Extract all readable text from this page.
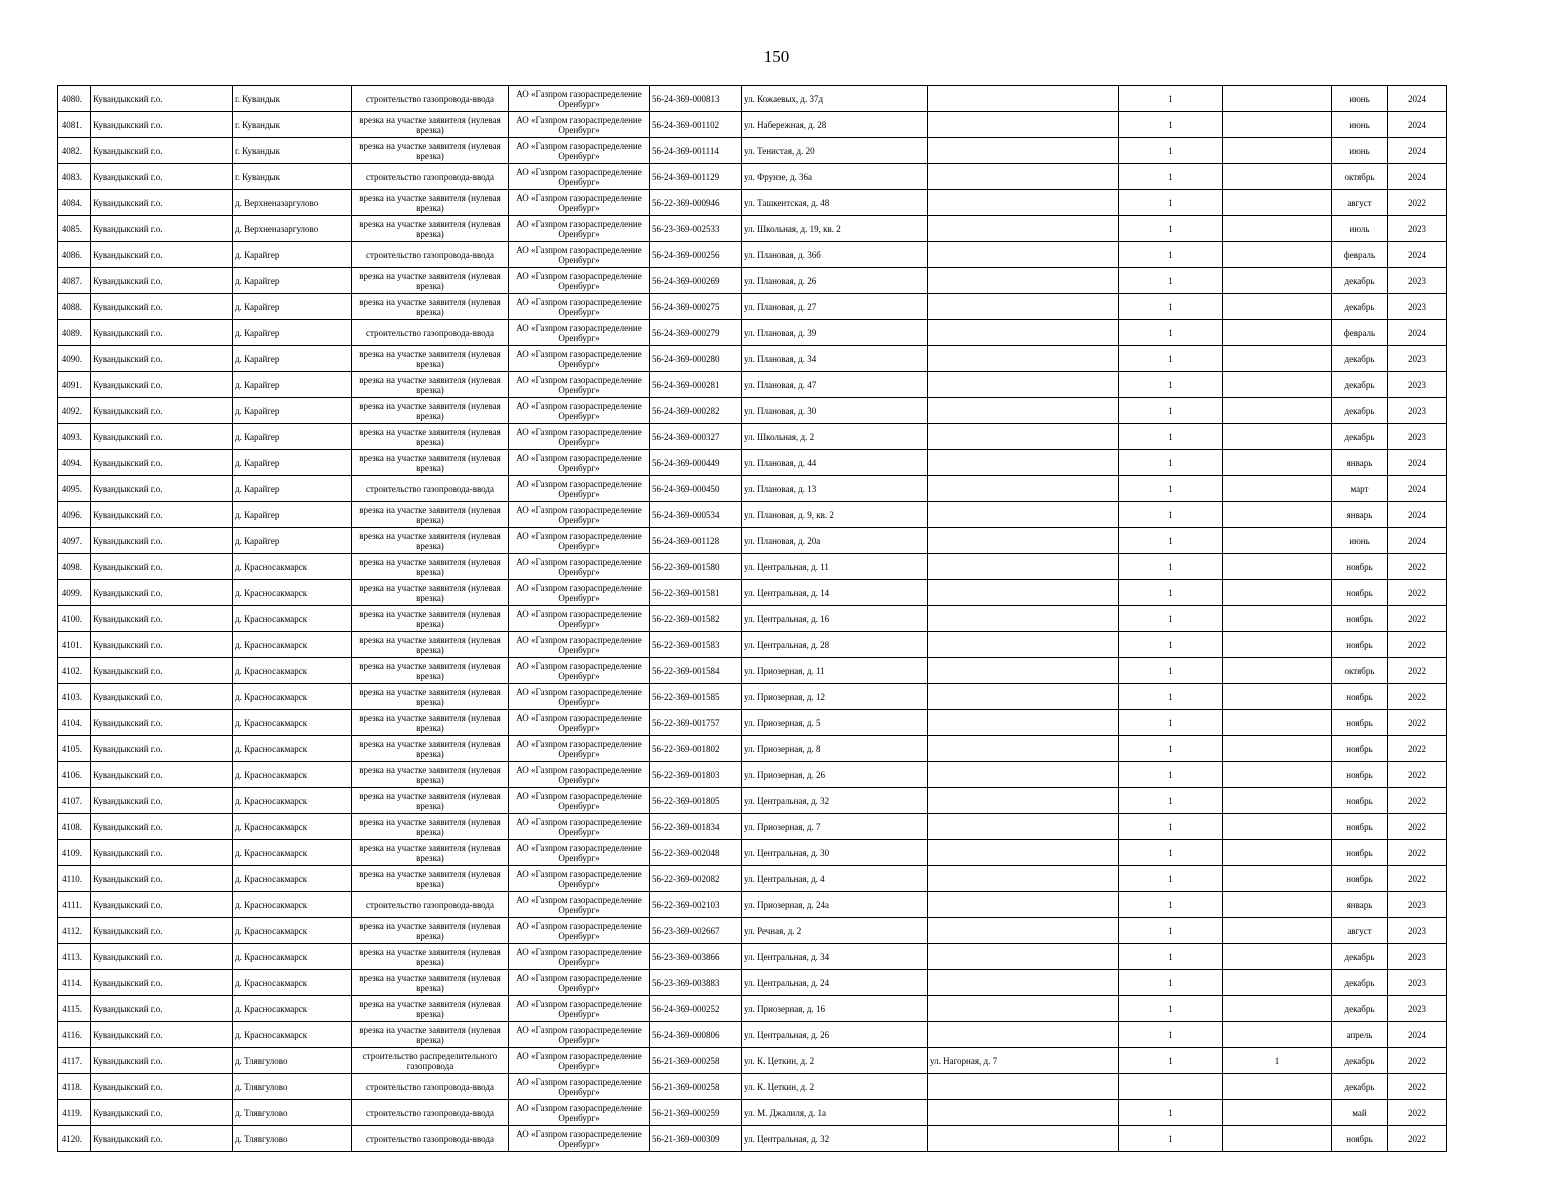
150
4080.	Кувандыкский г.о.	г. Кувандык	строительство газопровода-ввода	АО «Газпром газораспределение Оренбург»	56-24-369-000813	ул. Кожаевых, д. 37д		1		июнь	2024
4081.	Кувандыкский г.о.	г. Кувандык	врезка на участке заявителя (нулевая врезка)	АО «Газпром газораспределение Оренбург»	56-24-369-001102	ул. Набережная, д. 28		1		июнь	2024
4082.	Кувандыкский г.о.	г. Кувандык	врезка на участке заявителя (нулевая врезка)	АО «Газпром газораспределение Оренбург»	56-24-369-001114	ул. Тенистая, д. 20		1		июнь	2024
4083.	Кувандыкский г.о.	г. Кувандык	строительство газопровода-ввода	АО «Газпром газораспределение Оренбург»	56-24-369-001129	ул. Фрунзе, д. 36а		1		октябрь	2024
4084.	Кувандыкский г.о.	д. Верхненазаргулово	врезка на участке заявителя (нулевая врезка)	АО «Газпром газораспределение Оренбург»	56-22-369-000946	ул. Ташкентская, д. 48		1		август	2022
4085.	Кувандыкский г.о.	д. Верхненазаргулово	врезка на участке заявителя (нулевая врезка)	АО «Газпром газораспределение Оренбург»	56-23-369-002533	ул. Школьная, д. 19, кв. 2		1		июль	2023
4086.	Кувандыкский г.о.	д. Карайгер	строительство газопровода-ввода	АО «Газпром газораспределение Оренбург»	56-24-369-000256	ул. Плановая, д. 36б		1		февраль	2024
4087.	Кувандыкский г.о.	д. Карайгер	врезка на участке заявителя (нулевая врезка)	АО «Газпром газораспределение Оренбург»	56-24-369-000269	ул. Плановая, д. 26		1		декабрь	2023
4088.	Кувандыкский г.о.	д. Карайгер	врезка на участке заявителя (нулевая врезка)	АО «Газпром газораспределение Оренбург»	56-24-369-000275	ул. Плановая, д. 27		1		декабрь	2023
4089.	Кувандыкский г.о.	д. Карайгер	строительство газопровода-ввода	АО «Газпром газораспределение Оренбург»	56-24-369-000279	ул. Плановая, д. 39		1		февраль	2024
4090.	Кувандыкский г.о.	д. Карайгер	врезка на участке заявителя (нулевая врезка)	АО «Газпром газораспределение Оренбург»	56-24-369-000280	ул. Плановая, д. 34		1		декабрь	2023
4091.	Кувандыкский г.о.	д. Карайгер	врезка на участке заявителя (нулевая врезка)	АО «Газпром газораспределение Оренбург»	56-24-369-000281	ул. Плановая, д. 47		1		декабрь	2023
4092.	Кувандыкский г.о.	д. Карайгер	врезка на участке заявителя (нулевая врезка)	АО «Газпром газораспределение Оренбург»	56-24-369-000282	ул. Плановая, д. 30		1		декабрь	2023
4093.	Кувандыкский г.о.	д. Карайгер	врезка на участке заявителя (нулевая врезка)	АО «Газпром газораспределение Оренбург»	56-24-369-000327	ул. Школьная, д. 2		1		декабрь	2023
4094.	Кувандыкский г.о.	д. Карайгер	врезка на участке заявителя (нулевая врезка)	АО «Газпром газораспределение Оренбург»	56-24-369-000449	ул. Плановая, д. 44		1		январь	2024
4095.	Кувандыкский г.о.	д. Карайгер	строительство газопровода-ввода	АО «Газпром газораспределение Оренбург»	56-24-369-000450	ул. Плановая, д. 13		1		март	2024
4096.	Кувандыкский г.о.	д. Карайгер	врезка на участке заявителя (нулевая врезка)	АО «Газпром газораспределение Оренбург»	56-24-369-000534	ул. Плановая, д. 9, кв. 2		1		январь	2024
4097.	Кувандыкский г.о.	д. Карайгер	врезка на участке заявителя (нулевая врезка)	АО «Газпром газораспределение Оренбург»	56-24-369-001128	ул. Плановая, д. 20а		1		июнь	2024
4098.	Кувандыкский г.о.	д. Красносакмарск	врезка на участке заявителя (нулевая врезка)	АО «Газпром газораспределение Оренбург»	56-22-369-001580	ул. Центральная, д. 11		1		ноябрь	2022
4099.	Кувандыкский г.о.	д. Красносакмарск	врезка на участке заявителя (нулевая врезка)	АО «Газпром газораспределение Оренбург»	56-22-369-001581	ул. Центральная, д. 14		1		ноябрь	2022
4100.	Кувандыкский г.о.	д. Красносакмарск	врезка на участке заявителя (нулевая врезка)	АО «Газпром газораспределение Оренбург»	56-22-369-001582	ул. Центральная, д. 16		1		ноябрь	2022
4101.	Кувандыкский г.о.	д. Красносакмарск	врезка на участке заявителя (нулевая врезка)	АО «Газпром газораспределение Оренбург»	56-22-369-001583	ул. Центральная, д. 28		1		ноябрь	2022
4102.	Кувандыкский г.о.	д. Красносакмарск	врезка на участке заявителя (нулевая врезка)	АО «Газпром газораспределение Оренбург»	56-22-369-001584	ул. Приозерная, д. 11		1		октябрь	2022
4103.	Кувандыкский г.о.	д. Красносакмарск	врезка на участке заявителя (нулевая врезка)	АО «Газпром газораспределение Оренбург»	56-22-369-001585	ул. Приозерная, д. 12		1		ноябрь	2022
4104.	Кувандыкский г.о.	д. Красносакмарск	врезка на участке заявителя (нулевая врезка)	АО «Газпром газораспределение Оренбург»	56-22-369-001757	ул. Приозерная, д. 5		1		ноябрь	2022
4105.	Кувандыкский г.о.	д. Красносакмарск	врезка на участке заявителя (нулевая врезка)	АО «Газпром газораспределение Оренбург»	56-22-369-001802	ул. Приозерная, д. 8		1		ноябрь	2022
4106.	Кувандыкский г.о.	д. Красносакмарск	врезка на участке заявителя (нулевая врезка)	АО «Газпром газораспределение Оренбург»	56-22-369-001803	ул. Приозерная, д. 26		1		ноябрь	2022
4107.	Кувандыкский г.о.	д. Красносакмарск	врезка на участке заявителя (нулевая врезка)	АО «Газпром газораспределение Оренбург»	56-22-369-001805	ул. Центральная, д. 32		1		ноябрь	2022
4108.	Кувандыкский г.о.	д. Красносакмарск	врезка на участке заявителя (нулевая врезка)	АО «Газпром газораспределение Оренбург»	56-22-369-001834	ул. Приозерная, д. 7		1		ноябрь	2022
4109.	Кувандыкский г.о.	д. Красносакмарск	врезка на участке заявителя (нулевая врезка)	АО «Газпром газораспределение Оренбург»	56-22-369-002048	ул. Центральная, д. 30		1		ноябрь	2022
4110.	Кувандыкский г.о.	д. Красносакмарск	врезка на участке заявителя (нулевая врезка)	АО «Газпром газораспределение Оренбург»	56-22-369-002082	ул. Центральная, д. 4		1		ноябрь	2022
4111.	Кувандыкский г.о.	д. Красносакмарск	строительство газопровода-ввода	АО «Газпром газораспределение Оренбург»	56-22-369-002103	ул. Приозерная, д. 24а		1		январь	2023
4112.	Кувандыкский г.о.	д. Красносакмарск	врезка на участке заявителя (нулевая врезка)	АО «Газпром газораспределение Оренбург»	56-23-369-002667	ул. Речная, д. 2		1		август	2023
4113.	Кувандыкский г.о.	д. Красносакмарск	врезка на участке заявителя (нулевая врезка)	АО «Газпром газораспределение Оренбург»	56-23-369-003866	ул. Центральная, д. 34		1		декабрь	2023
4114.	Кувандыкский г.о.	д. Красносакмарск	врезка на участке заявителя (нулевая врезка)	АО «Газпром газораспределение Оренбург»	56-23-369-003883	ул. Центральная, д. 24		1		декабрь	2023
4115.	Кувандыкский г.о.	д. Красносакмарск	врезка на участке заявителя (нулевая врезка)	АО «Газпром газораспределение Оренбург»	56-24-369-000252	ул. Приозерная, д. 16		1		декабрь	2023
4116.	Кувандыкский г.о.	д. Красносакмарск	врезка на участке заявителя (нулевая врезка)	АО «Газпром газораспределение Оренбург»	56-24-369-000806	ул. Центральная, д. 26		1		апрель	2024
4117.	Кувандыкский г.о.	д. Тлявгулово	строительство распределительного газопровода	АО «Газпром газораспределение Оренбург»	56-21-369-000258	ул. К. Цеткин, д. 2	ул. Нагорная, д. 7	1	1	декабрь	2022
4118.	Кувандыкский г.о.	д. Тлявгулово	строительство газопровода-ввода	АО «Газпром газораспределение Оренбург»	56-21-369-000258	ул. К. Цеткин, д. 2				декабрь	2022
4119.	Кувандыкский г.о.	д. Тлявгулово	строительство газопровода-ввода	АО «Газпром газораспределение Оренбург»	56-21-369-000259	ул. М. Джалиля, д. 1а		1		май	2022
4120.	Кувандыкский г.о.	д. Тлявгулово	строительство газопровода-ввода	АО «Газпром газораспределение Оренбург»	56-21-369-000309	ул. Центральная, д. 32		1		ноябрь	2022
